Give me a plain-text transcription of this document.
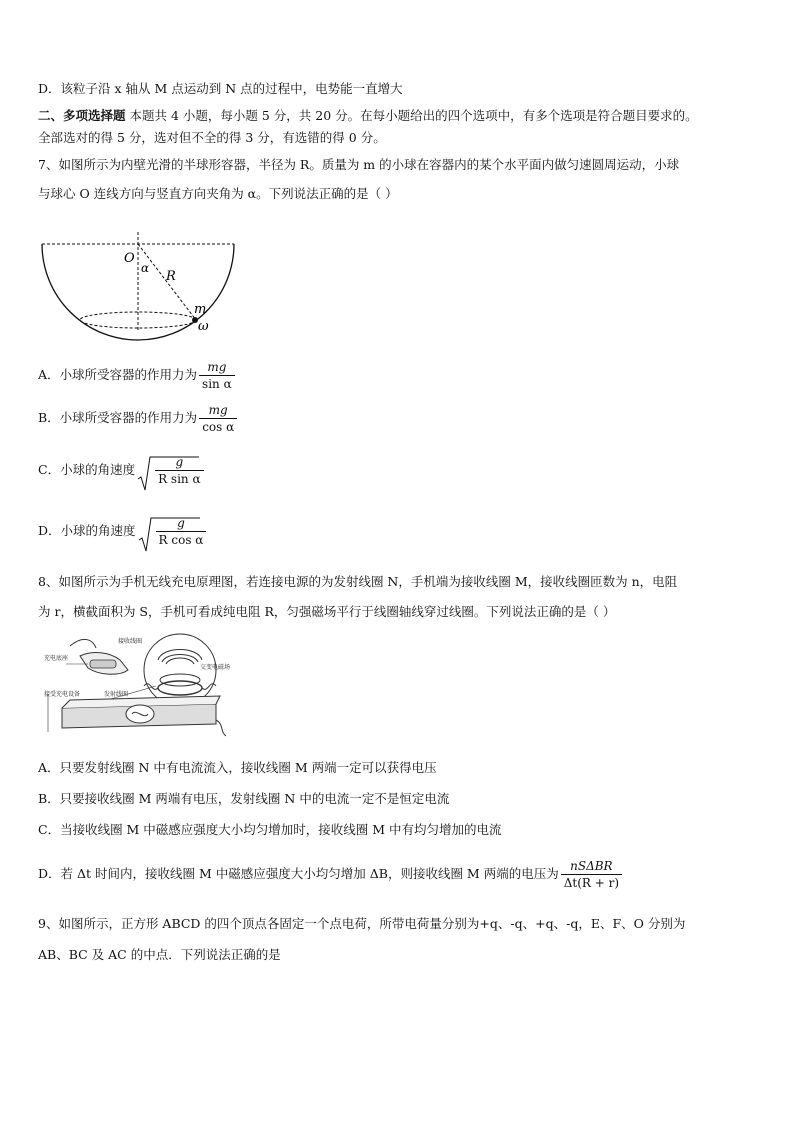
D．该粒子沿 x 轴从 M 点运动到 N 点的过程中，电势能一直增大
二、多项选择题 本题共 4 小题，每小题 5 分，共 20 分。在每小题给出的四个选项中，有多个选项是符合题目要求的。
全部选对的得 5 分，选对但不全的得 3 分，有选错的得 0 分。
7、如图所示为内壁光滑的半球形容器，半径为 R。质量为 m 的小球在容器内的某个水平面内做匀速圆周运动，小球
与球心 O 连线方向与竖直方向夹角为 α。下列说法正确的是（ ）
O
α
R
m
ω
A．小球所受容器的作用力为 $\frac{mg}{\text{sin α}}$
B．小球所受容器的作用力为 $\frac{mg}{\text{cos α}}$
C．小球的角速度 $\frac{g}{\text{R sin α}}$
D．小球的角速度 $\frac{g}{\text{R cos α}}$
8、如图所示为手机无线充电原理图，若连接电源的为发射线圈 N，手机端为接收线圈 M，接收线圈匝数为 n，电阻
为 r，横截面积为 S，手机可看成纯电阻 R，匀强磁场平行于线圈轴线穿过线圈。下列说法正确的是（ ）
接收线圈
充电底座
交变电磁场
接受充电设备	发射线圈
A．只要发射线圈 N 中有电流流入，接收线圈 M 两端一定可以获得电压
B．只要接收线圈 M 两端有电压，发射线圈 N 中的电流一定不是恒定电流
C．当接收线圈 M 中磁感应强度大小均匀增加时，接收线圈 M 中有均匀增加的电流
D．若 Δt 时间内，接收线圈 M 中磁感应强度大小均匀增加 ΔB，则接收线圈 M 两端的电压为 $\frac{\text{nSΔBR}}{\Delta t(R + r)}$
9、如图所示，正方形 ABCD 的四个顶点各固定一个点电荷，所带电荷量分别为+q、-q、+q、-q，E、F、O 分别为
AB、BC 及 AC 的中点．下列说法正确的是
